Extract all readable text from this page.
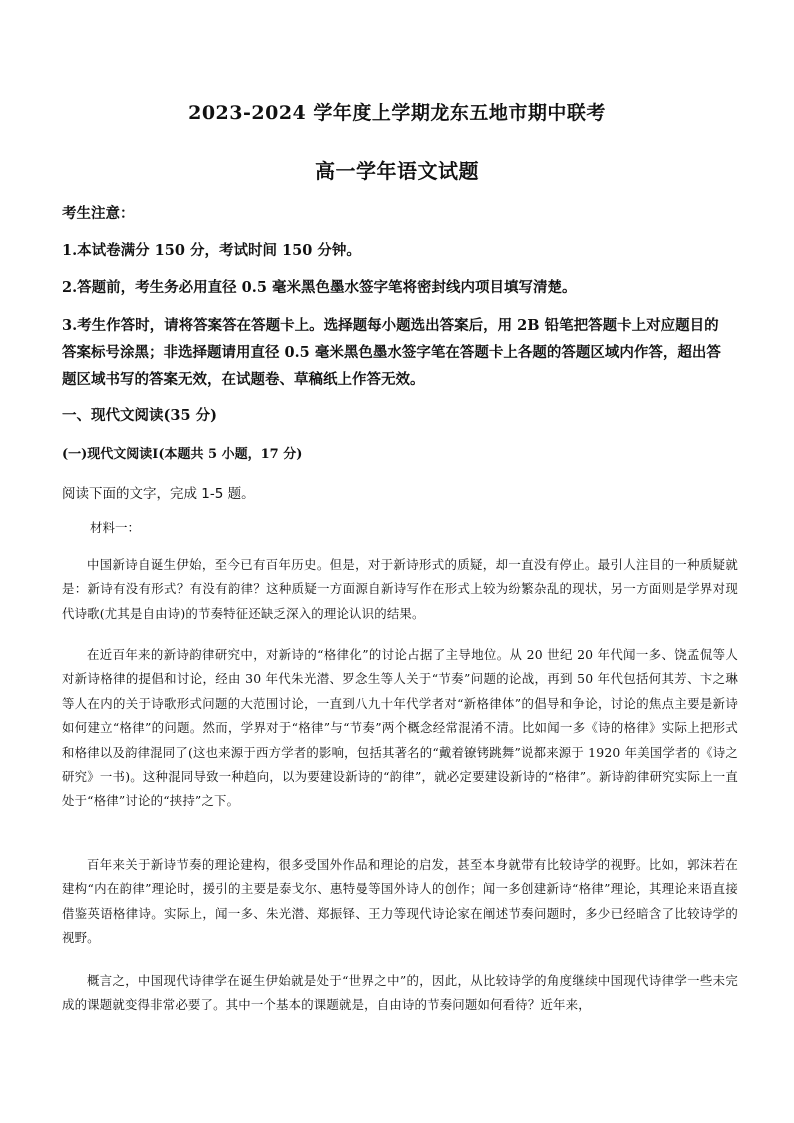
2023-2024 学年度上学期龙东五地市期中联考
高一学年语文试题
考生注意：
1.本试卷满分 150 分，考试时间 150 分钟。
2.答题前，考生务必用直径 0.5 毫米黑色墨水签字笔将密封线内项目填写清楚。
3.考生作答时，请将答案答在答题卡上。选择题每小题选出答案后，用 2B 铅笔把答题卡上对应题目的答案标号涂黑；非选择题请用直径 0.5 毫米黑色墨水签字笔在答题卡上各题的答题区域内作答，超出答题区域书写的答案无效，在试题卷、草稿纸上作答无效。
一、现代文阅读(35 分)
(一)现代文阅读Ⅰ(本题共 5 小题，17 分)
阅读下面的文字，完成 1-5 题。
材料一：
中国新诗自诞生伊始，至今已有百年历史。但是，对于新诗形式的质疑，却一直没有停止。最引人注目的一种质疑就是：新诗有没有形式？有没有韵律？这种质疑一方面源自新诗写作在形式上较为纷繁杂乱的现状，另一方面则是学界对现代诗歌(尤其是自由诗)的节奏特征还缺乏深入的理论认识的结果。
在近百年来的新诗韵律研究中，对新诗的“格律化”的讨论占据了主导地位。从 20 世纪 20 年代闻一多、饶孟侃等人对新诗格律的提倡和讨论，经由 30 年代朱光潜、罗念生等人关于“节奏”问题的论战，再到 50 年代包括何其芳、卞之琳等人在内的关于诗歌形式问题的大范围讨论，一直到八九十年代学者对“新格律体”的倡导和争论，讨论的焦点主要是新诗如何建立“格律”的问题。然而，学界对于“格律”与“节奏”两个概念经常混淆不清。比如闻一多《诗的格律》实际上把形式和格律以及韵律混同了(这也来源于西方学者的影响，包括其著名的“戴着镣铐跳舞”说都来源于 1920 年美国学者的《诗之研究》一书)。这种混同导致一种趋向，以为要建设新诗的“韵律”，就必定要建设新诗的“格律”。新诗韵律研究实际上一直处于“格律”讨论的“挟持”之下。
百年来关于新诗节奏的理论建构，很多受国外作品和理论的启发，甚至本身就带有比较诗学的视野。比如，郭沫若在建构“内在韵律”理论时，援引的主要是泰戈尔、惠特曼等国外诗人的创作；闻一多创建新诗“格律”理论，其理论来语直接借鉴英语格律诗。实际上，闻一多、朱光潜、郑振铎、王力等现代诗论家在阐述节奏问题时，多少已经暗含了比较诗学的视野。
概言之，中国现代诗律学在诞生伊始就是处于“世界之中”的，因此，从比较诗学的角度继续中国现代诗律学一些未完成的课题就变得非常必要了。其中一个基本的课题就是，自由诗的节奏问题如何看待？近年来，
